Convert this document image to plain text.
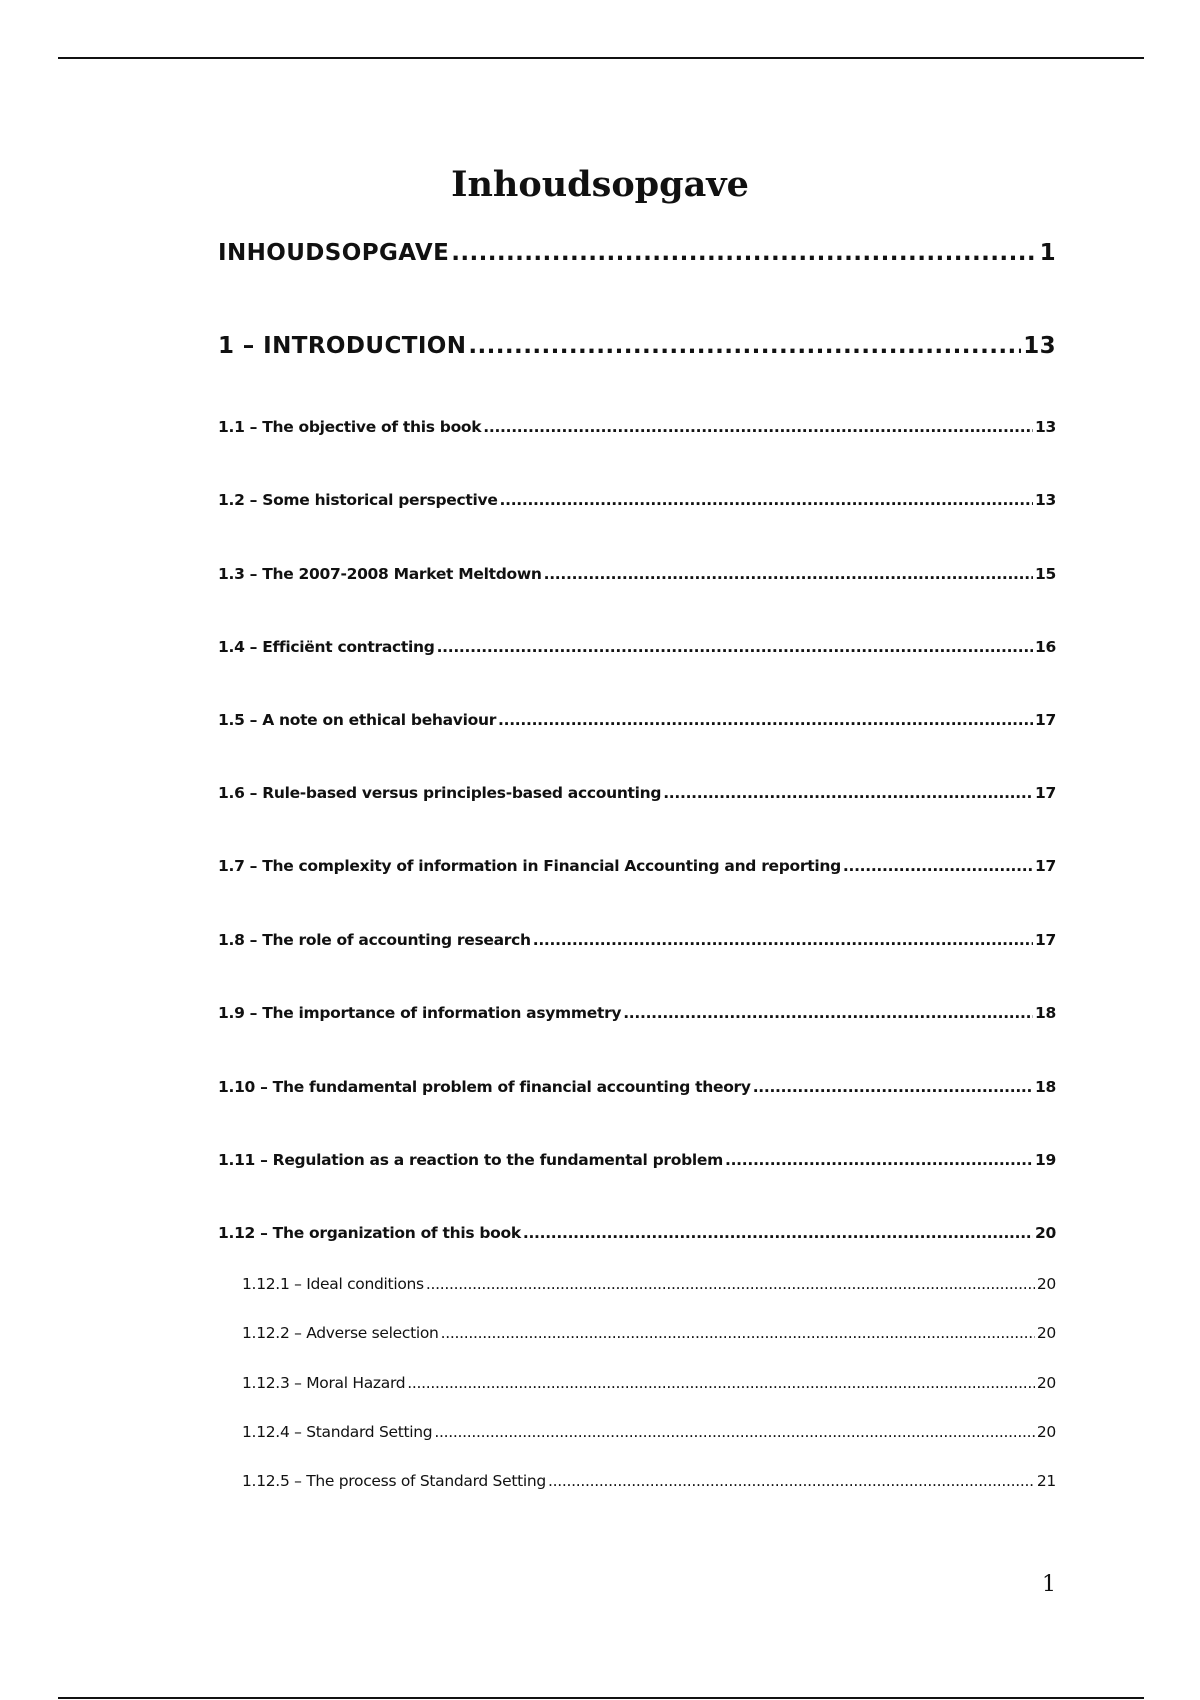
Inhoudsopgave
INHOUDSOPGAVE .....	1
1 – INTRODUCTION .....	13
1.1 – The objective of this book .....	13
1.2 – Some historical perspective .....	13
1.3 – The 2007-2008 Market Meltdown .....	15
1.4 – Efficiënt contracting .....	16
1.5 – A note on ethical behaviour .....	17
1.6 – Rule-based versus principles-based accounting .....	17
1.7 – The complexity of information in Financial Accounting and reporting .....	17
1.8 – The role of accounting research .....	17
1.9 – The importance of information asymmetry .....	18
1.10 – The fundamental problem of financial accounting theory .....	18
1.11 – Regulation as a reaction to the fundamental problem .....	19
1.12 – The organization of this book .....	20
1.12.1 – Ideal conditions .....	20
1.12.2 – Adverse selection .....	20
1.12.3 – Moral Hazard .....	20
1.12.4 – Standard Setting .....	20
1.12.5 – The process of Standard Setting .....	21
1
